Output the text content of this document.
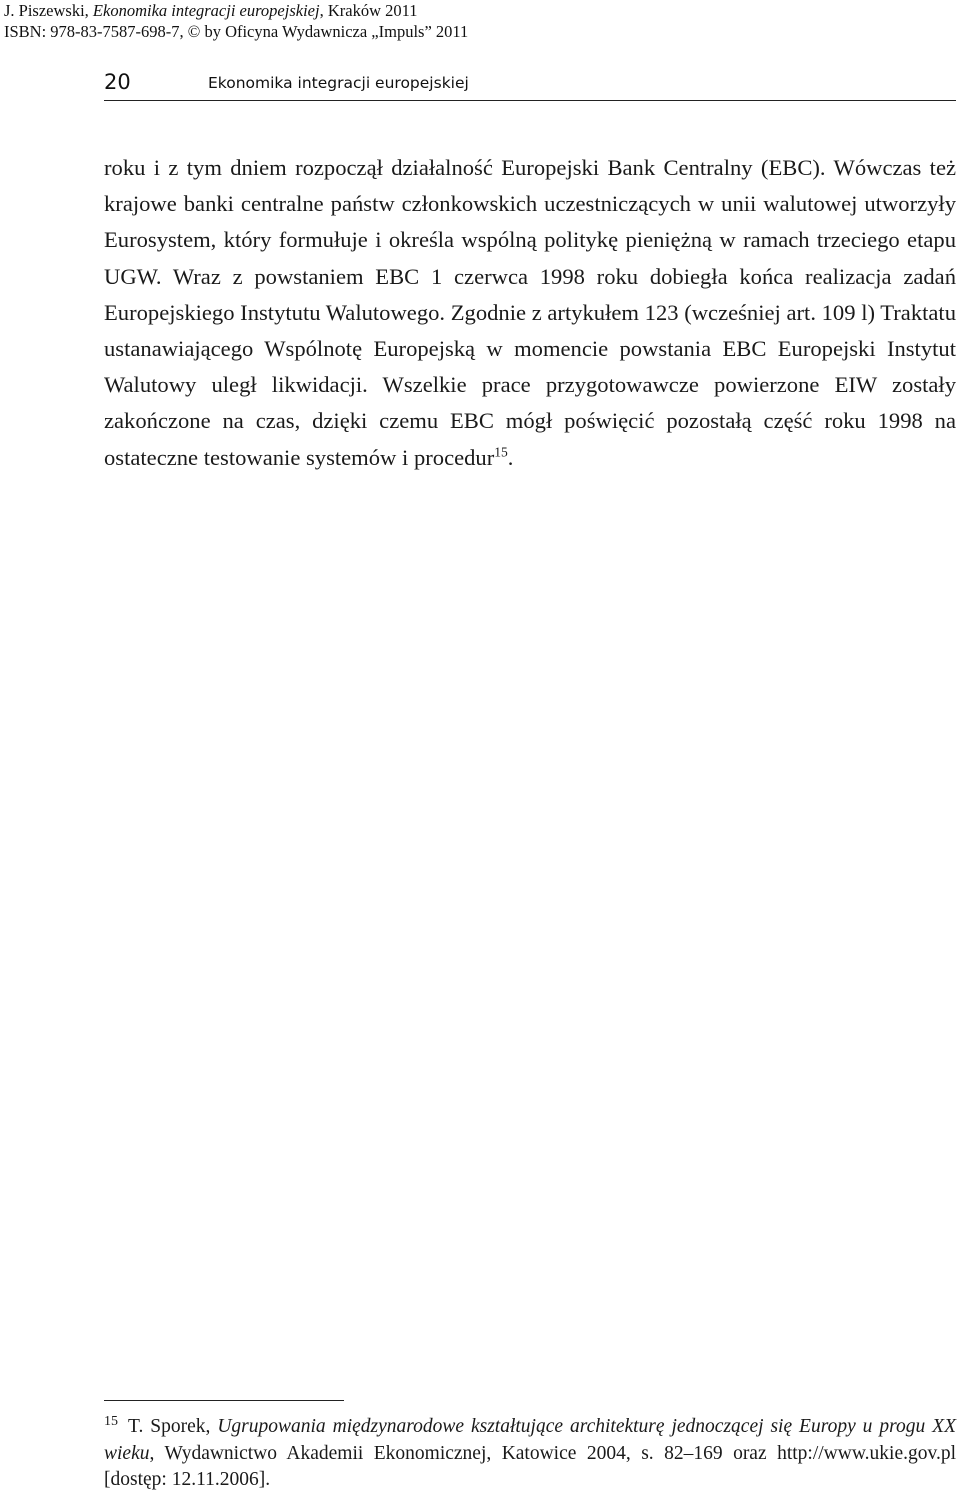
J. Piszewski, Ekonomika integracji europejskiej, Kraków 2011
ISBN: 978-83-7587-698-7, © by Oficyna Wydawnicza „Impuls” 2011
20	Ekonomika integracji europejskiej

roku i z tym dniem rozpoczął działalność Europejski Bank Centralny (EBC). Wówczas też krajowe banki centralne państw członkowskich uczestniczących w unii walutowej utworzyły Eurosystem, który formułuje i określa wspólną politykę pieniężną w ramach trzeciego etapu UGW. Wraz z powstaniem EBC 1 czerwca 1998 roku dobiegła końca realizacja zadań Europejskiego Instytutu Walutowego. Zgodnie z artykułem 123 (wcześniej art. 109 l) Traktatu ustanawiającego Wspólnotę Europejską w momencie powstania EBC Europejski Instytut Walutowy uległ likwidacji. Wszelkie prace przygotowawcze powierzone EIW zostały zakończone na czas, dzięki czemu EBC mógł poświęcić pozostałą część roku 1998 na ostateczne testowanie systemów i procedur$^{15}$.

$^{15}$ T. Sporek, Ugrupowania międzynarodowe kształtujące architekturę jednoczącej się Europy u progu XX wieku, Wydawnictwo Akademii Ekonomicznej, Katowice 2004, s. 82–169 oraz http://www.ukie.gov.pl [dostęp: 12.11.2006].
